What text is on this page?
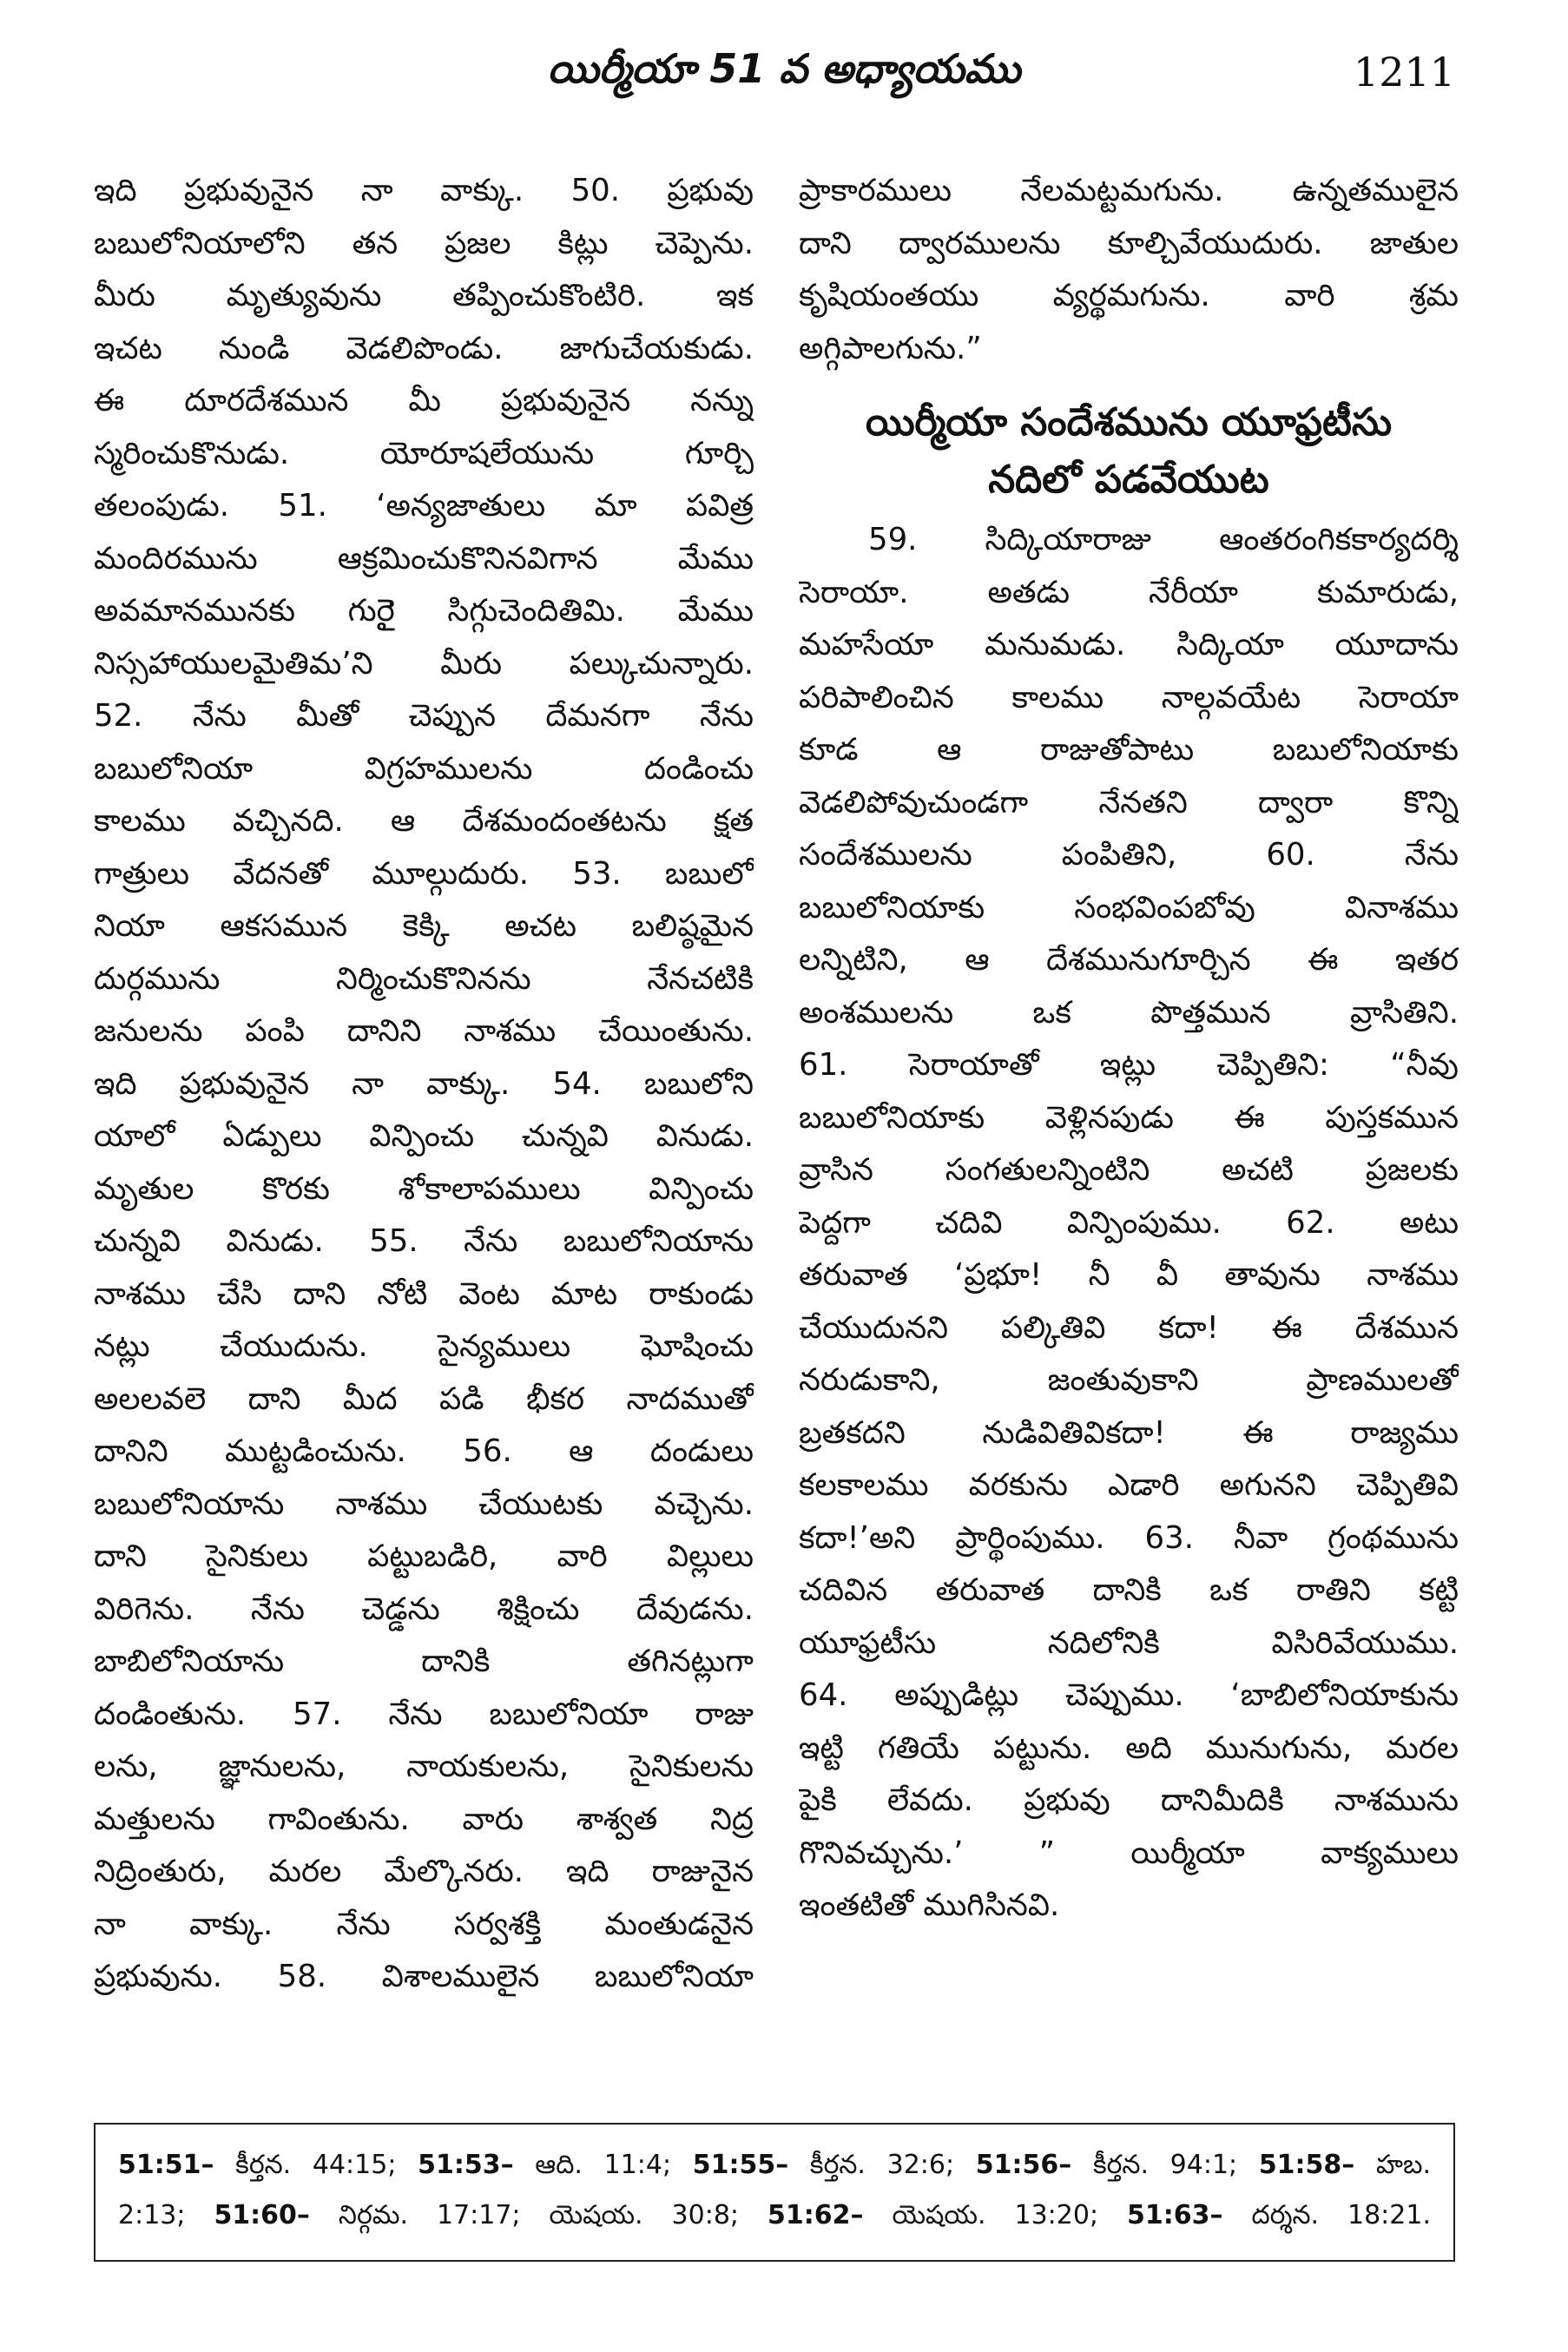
యిర్మీయా 51 వ అధ్యాయము	1211
ఇది ప్రభువునైన నా వాక్కు. 50. ప్రభువు
బబులోనియాలోని తన ప్రజల కిట్లు చెప్పెను.
మీరు మృత్యువును తప్పించుకొంటిరి. ఇక
ఇచట నుండి వెడలిపొండు. జాగుచేయకుడు.
ఈ దూరదేశమున మీ ప్రభువునైన నన్ను
స్మరించుకొనుడు. యోరూషలేయును గూర్చి
తలంపుడు. 51. ‘అన్యజాతులు మా పవిత్ర
మందిరమును ఆక్రమించుకొనినవిగాన మేము
అవమానమునకు గురైై సిగ్గుచెందితిమి. మేము
నిస్సహాయులమైతిమ’ని మీరు పల్కుచున్నారు.
52. నేను మీతో చెప్పున దేమనగా నేను
బబులోనియా విగ్రహములను దండించు
కాలము వచ్చినది. ఆ దేశమందంతటను క్షత
గాత్రులు వేదనతో మూల్గుదురు. 53. బబులో
నియా ఆకసమున కెక్కి అచట బలిష్ఠమైన
దుర్గమును నిర్మించుకొనినను నేనచటికి
జనులను పంపి దానిని నాశము చేయింతును.
ఇది ప్రభువునైన నా వాక్కు. 54. బబులోని
యాలో ఏడ్పులు విన్పించు చున్నవి వినుడు.
మృతుల కొరకు శోకాలాపములు విన్పించు
చున్నవి వినుడు. 55. నేను బబులోనియాను
నాశము చేసి దాని నోటి వెంట మాట రాకుండు
నట్లు చేయుదును. సైన్యములు ఘోషించు
అలలవలె దాని మీద పడి భీకర నాదముతో
దానిని ముట్టడించును. 56. ఆ దండులు
బబులోనియాను నాశము చేయుటకు వచ్చెను.
దాని సైనికులు పట్టుబడిరి, వారి విల్లులు
విరిగెను. నేను చెడ్డను శిక్షించు దేవుడను.
బాబిలోనియాను దానికి తగినట్లుగా
దండింతును. 57. నేను బబులోనియా రాజు
లను, జ్ఞానులను, నాయకులను, సైనికులను
మత్తులను గావింతును. వారు శాశ్వత నిద్ర
నిద్రింతురు, మరల మేల్కొనరు. ఇది రాజునైన
నా వాక్కు. నేను సర్వశక్తి మంతుడనైన
ప్రభువును. 58. విశాలములైన బబులోనియా
ప్రాకారములు నేలమట్టమగును. ఉన్నతములైన
దాని ద్వారములను కూల్చివేయుదురు. జాతుల
కృషియంతయు వ్యర్థమగును. వారి శ్రమ
అగ్గిపాలగును.”
యిర్మీయా సందేశమును యూఫ్రటీసు
నదిలో పడవేయుట
59. సిద్కియారాజు ఆంతరంగికకార్యదర్శి
సెరాయా. అతడు నేరీయా కుమారుడు,
మహసేయా మనుమడు. సిద్కియా యూదాను
పరిపాలించిన కాలము నాల్గవయేట సెరాయా
కూడ ఆ రాజుతోపాటు బబులోనియాకు
వెడలిపోవుచుండగా నేనతని ద్వారా కొన్ని
సందేశములను పంపితిని, 60. నేను
బబులోనియాకు సంభవింపబోవు వినాశము
లన్నిటిని, ఆ దేశమునుగూర్చిన ఈ ఇతర
అంశములను ఒక పొత్తమున వ్రాసితిని.
61. సెరాయాతో ఇట్లు చెప్పితిని: “నీవు
బబులోనియాకు వెళ్లినపుడు ఈ పుస్తకమున
వ్రాసిన సంగతులన్నింటిని అచటి ప్రజలకు
పెద్దగా చదివి విన్పింపుము. 62. అటు
తరువాత ‘ప్రభూ! నీ వీ తావును నాశము
చేయుదునని పల్కితివి కదా! ఈ దేశమున
నరుడుకాని, జంతువుకాని ప్రాణములతో
బ్రతకదని నుడివితివికదా! ఈ రాజ్యము
కలకాలము వరకును ఎడారి అగునని చెప్పితివి
కదా!’అని ప్రార్థింపుము. 63. నీవా గ్రంథమును
చదివిన తరువాత దానికి ఒక రాతిని కట్టి
యూఫ్రటీసు నదిలోనికి విసిరివేయుము.
64. అప్పుడిట్లు చెప్పుము. ‘బాబిలోనియాకును
ఇట్టి గతియే పట్టును. అది మునుగును, మరల
పైకి లేవదు. ప్రభువు దానిమీదికి నాశమును
గొనివచ్చును.’ ” యిర్మీయా వాక్యములు
ఇంతటితో ముగిసినవి.
51:51– కీర్తన. 44:15; 51:53– ఆది. 11:4; 51:55– కీర్తన. 32:6; 51:56– కీర్తన. 94:1; 51:58– హబ.
2:13; 51:60– నిర్గమ. 17:17; యెషయ. 30:8; 51:62– యెషయ. 13:20; 51:63– దర్శన. 18:21.
